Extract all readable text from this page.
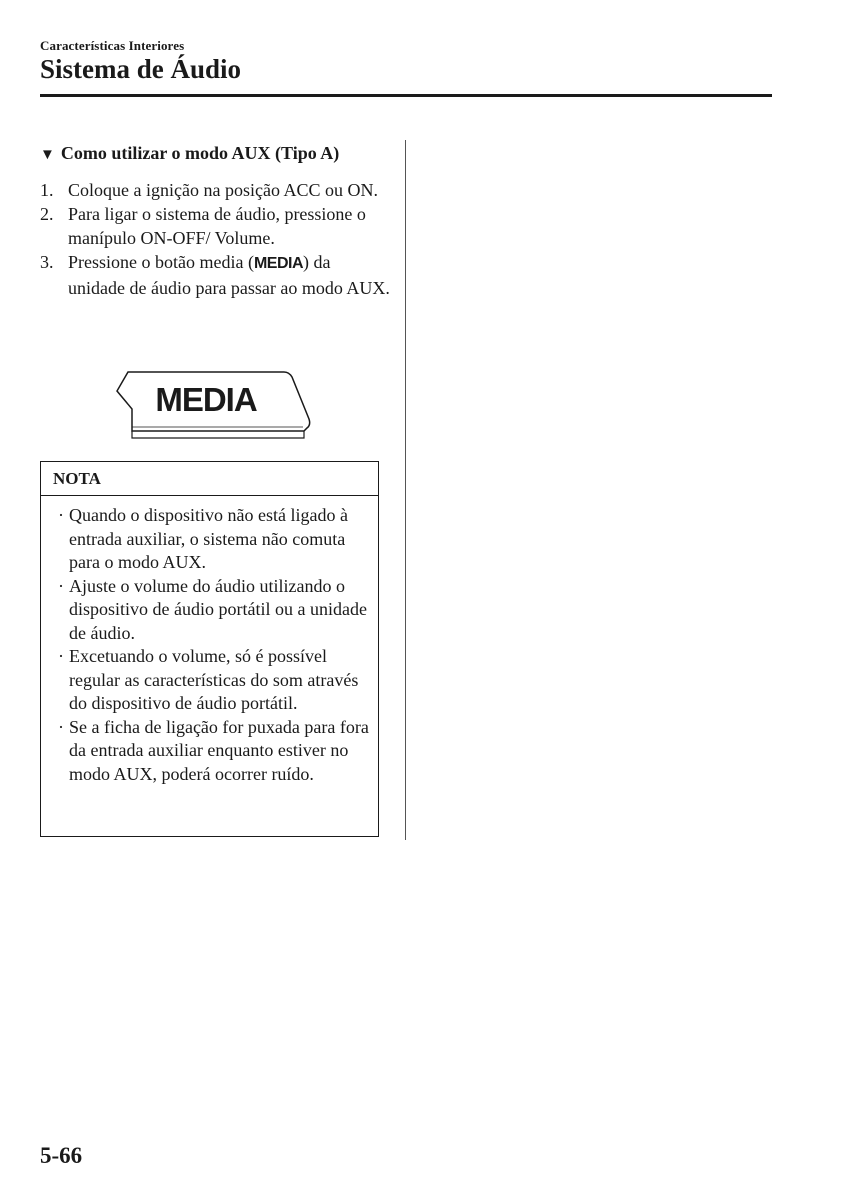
Características Interiores
Sistema de Áudio
▼ Como utilizar o modo AUX (Tipo A)
1. Coloque a ignição na posição ACC ou ON.
2. Para ligar o sistema de áudio, pressione o manípulo ON-OFF/ Volume.
3. Pressione o botão media (MEDIA) da unidade de áudio para passar ao modo AUX.
MEDIA
NOTA
· Quando o dispositivo não está ligado à entrada auxiliar, o sistema não comuta para o modo AUX.
· Ajuste o volume do áudio utilizando o dispositivo de áudio portátil ou a unidade de áudio.
· Excetuando o volume, só é possível regular as características do som através do dispositivo de áudio portátil.
· Se a ficha de ligação for puxada para fora da entrada auxiliar enquanto estiver no modo AUX, poderá ocorrer ruído.
5-66
